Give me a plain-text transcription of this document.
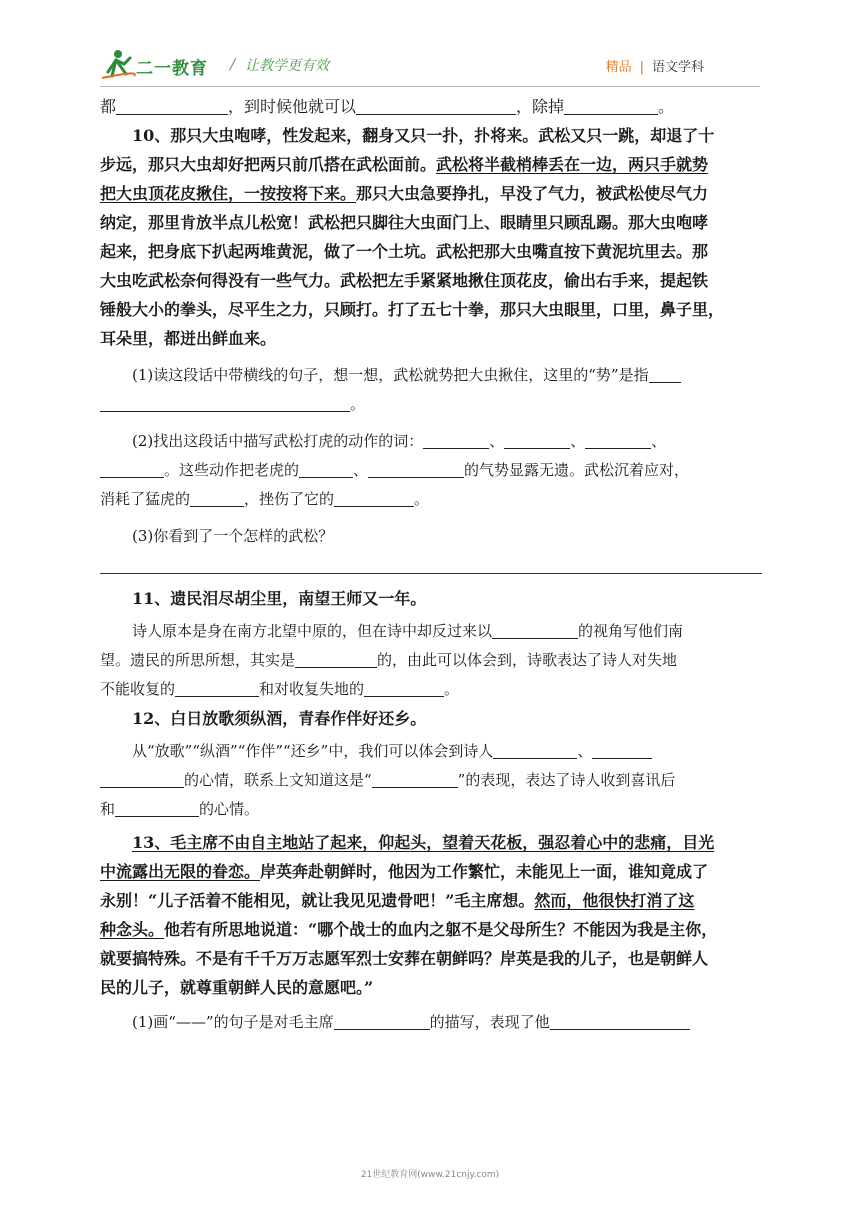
二一教育 / 让教学更有效	精品 | 语文学科
都	，到时候他就可以	，除掉	。
10、那只大虫咆哮，性发起来，翻身又只一扑，扑将来。武松又只一跳，却退了十
步远，那只大虫却好把两只前爪搭在武松面前。武松将半截梢棒丢在一边，两只手就势
把大虫顶花皮揪住，一按按将下来。那只大虫急要挣扎，早没了气力，被武松使尽气力
纳定，那里肯放半点儿松宽！武松把只脚往大虫面门上、眼睛里只顾乱踢。那大虫咆哮
起来，把身底下扒起两堆黄泥，做了一个土坑。武松把那大虫嘴直按下黄泥坑里去。那
大虫吃武松奈何得没有一些气力。武松把左手紧紧地揪住顶花皮，偷出右手来，提起铁
锤般大小的拳头，尽平生之力，只顾打。打了五七十拳，那只大虫眼里，口里，鼻子里，
耳朵里，都迸出鲜血来。
(1)读这段话中带横线的句子，想一想，武松就势把大虫揪住，这里的“势”是指
。
(2)找出这段话中描写武松打虎的动作的词：	、	、	、
。这些动作把老虎的	、	的气势显露无遗。武松沉着应对，
消耗了猛虎的	，挫伤了它的	。
(3)你看到了一个怎样的武松？
11、遗民泪尽胡尘里，南望王师又一年。
诗人原本是身在南方北望中原的，但在诗中却反过来以	的视角写他们南
望。遗民的所思所想，其实是	的，由此可以体会到，诗歌表达了诗人对失地
不能收复的	和对收复失地的	。
12、白日放歌须纵酒，青春作伴好还乡。
从“放歌”“纵酒”“作伴”“还乡”中，我们可以体会到诗人	、
的心情，联系上文知道这是“	”的表现，表达了诗人收到喜讯后
和	的心情。
13、毛主席不由自主地站了起来，仰起头，望着天花板，强忍着心中的悲痛，目光
中流露出无限的眷恋。岸英奔赴朝鲜时，他因为工作繁忙，未能见上一面，谁知竟成了
永别！“儿子活着不能相见，就让我见见遗骨吧！”毛主席想。然而，他很快打消了这
种念头。他若有所思地说道：“哪个战士的血内之躯不是父母所生？不能因为我是主你，
就要搞特殊。不是有千千万万志愿军烈士安葬在朝鲜吗？岸英是我的儿子，也是朝鲜人
民的儿子，就尊重朝鲜人民的意愿吧。”
(1)画“——”的句子是对毛主席	的描写，表现了他
21世纪教育网(www.21cnjy.com)
